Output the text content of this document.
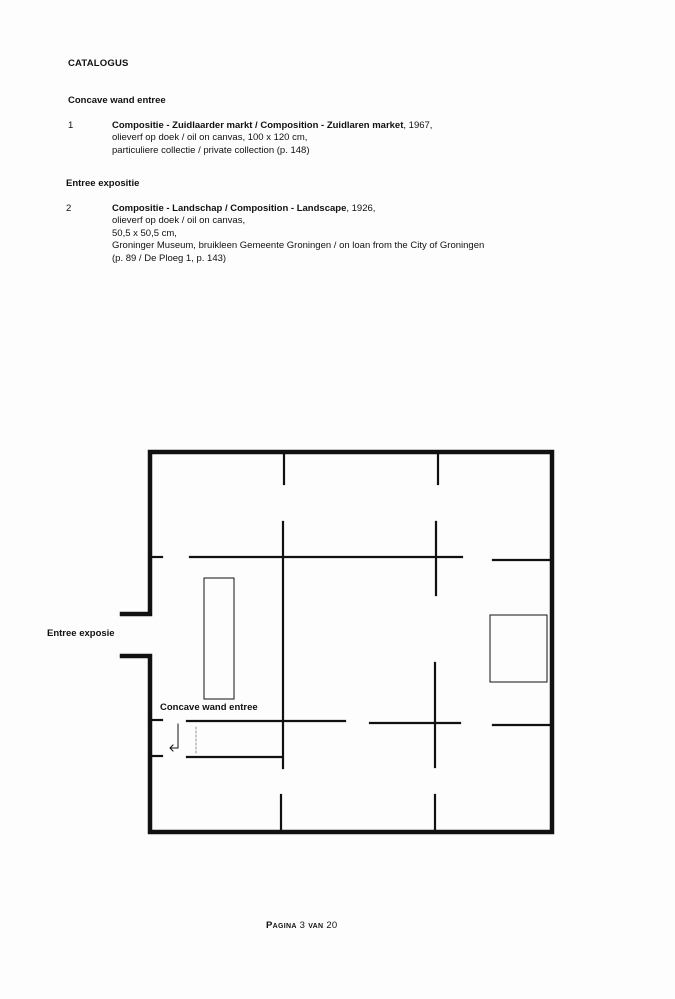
CATALOGUS
Concave wand entree
1	Compositie - Zuidlaarder markt / Composition - Zuidlaren market, 1967,
olieverf op doek / oil on canvas, 100 x 120 cm,
particuliere collectie / private collection (p. 148)
Entree expositie
2	Compositie - Landschap / Composition - Landscape, 1926,
olieverf op doek / oil on canvas,
50,5 x 50,5 cm,
Groninger Museum, bruikleen Gemeente Groningen / on loan from the City of Groningen
(p. 89 / De Ploeg 1, p. 143)
Entree exposie
Concave wand entree
Pagina 3 van 20
